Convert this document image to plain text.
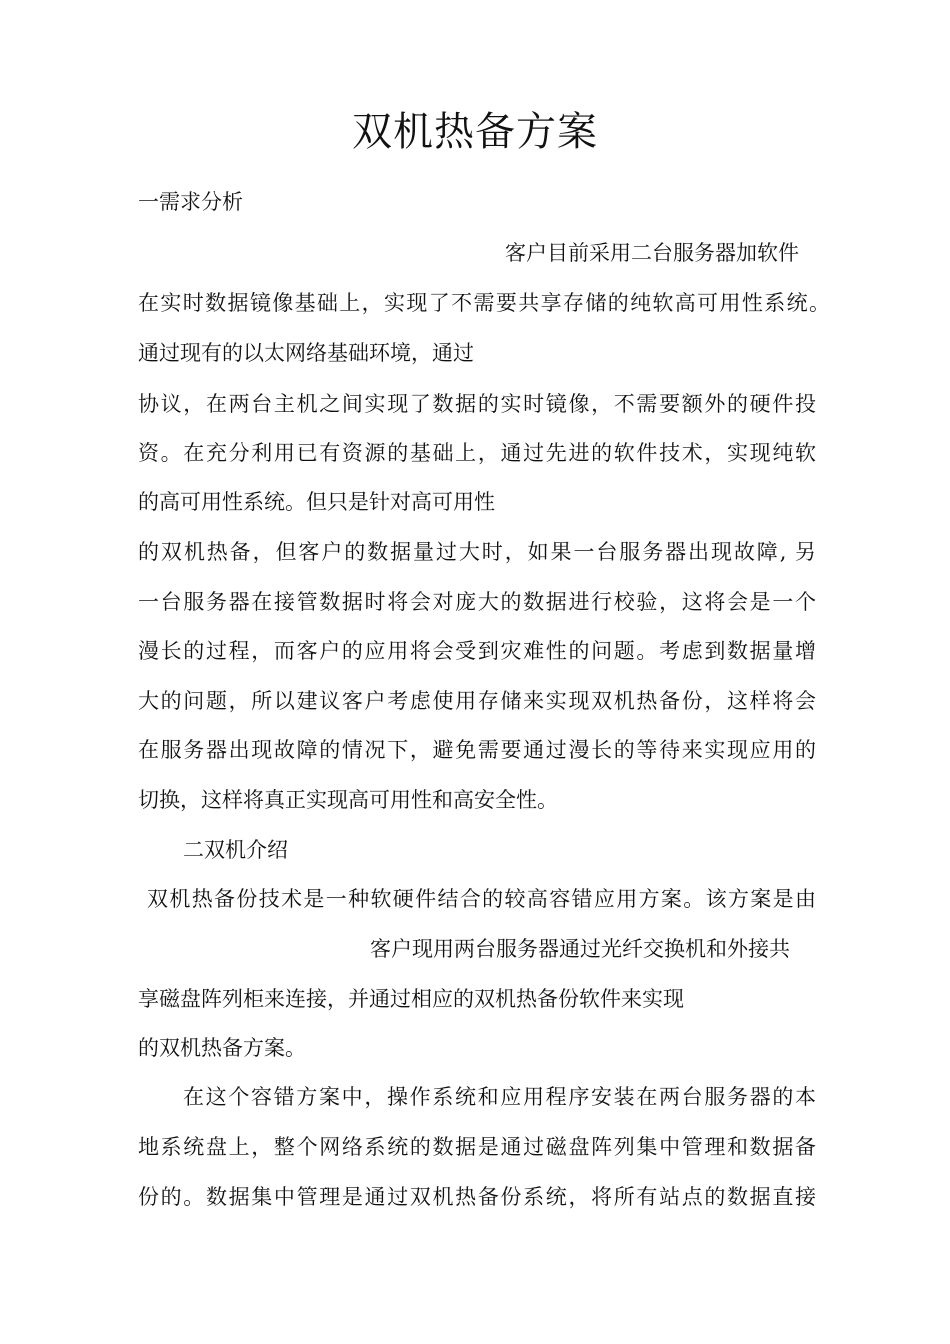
双机热备方案
一需求分析
客户目前采用二台服务器加软件
在实时数据镜像基础上，实现了不需要共享存储的纯软高可用性系统。
通过现有的以太网络基础环境，通过
协议，在两台主机之间实现了数据的实时镜像，不需要额外的硬件投
资。在充分利用已有资源的基础上，通过先进的软件技术，实现纯软
的高可用性系统。但只是针对高可用性
的双机热备，但客户的数据量过大时，如果一台服务器出现故障, 另
一台服务器在接管数据时将会对庞大的数据进行校验，这将会是一个
漫长的过程，而客户的应用将会受到灾难性的问题。考虑到数据量增
大的问题，所以建议客户考虑使用存储来实现双机热备份，这样将会
在服务器出现故障的情况下，避免需要通过漫长的等待来实现应用的
切换，这样将真正实现高可用性和高安全性。
二双机介绍
双机热备份技术是一种软硬件结合的较高容错应用方案。该方案是由
客户现用两台服务器通过光纤交换机和外接共
享磁盘阵列柜来连接，并通过相应的双机热备份软件来实现
的双机热备方案。
在这个容错方案中，操作系统和应用程序安装在两台服务器的本
地系统盘上，整个网络系统的数据是通过磁盘阵列集中管理和数据备
份的。数据集中管理是通过双机热备份系统，将所有站点的数据直接
